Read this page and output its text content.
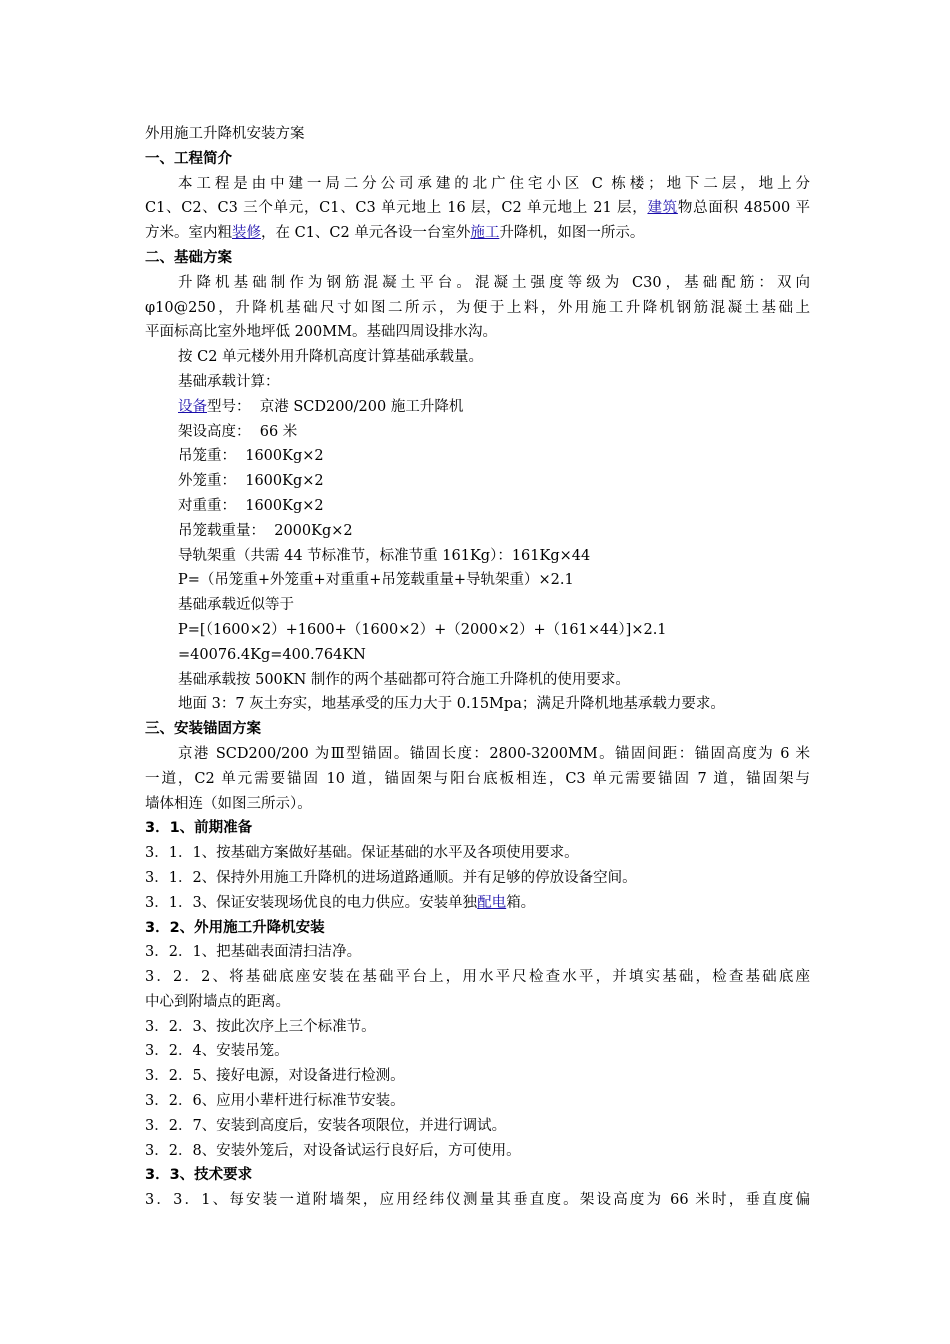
外用施工升降机安装方案
一、工程简介
本工程是由中建一局二分公司承建的北广住宅小区 C 栋楼；地下二层，地上分
C1、C2、C3 三个单元，C1、C3 单元地上 16 层，C2 单元地上 21 层，建筑物总面积 48500 平
方米。室内粗装修，在 C1、C2 单元各设一台室外施工升降机，如图一所示。
二、基础方案
升降机基础制作为钢筋混凝土平台。混凝土强度等级为 C30，基础配筋：双向
φ10@250，升降机基础尺寸如图二所示，为便于上料，外用施工升降机钢筋混凝土基础上
平面标高比室外地坪低 200MM。基础四周设排水沟。
按 C2 单元楼外用升降机高度计算基础承载量。
基础承载计算：
设备型号：  京港 SCD200/200 施工升降机
架设高度：  66 米
吊笼重：  1600Kg×2
外笼重：  1600Kg×2
对重重：  1600Kg×2
吊笼载重量：  2000Kg×2
导轨架重（共需 44 节标准节，标准节重 161Kg）：161Kg×44
P=（吊笼重+外笼重+对重重+吊笼载重量+导轨架重）×2.1
基础承载近似等于
P=[（1600×2）+1600+（1600×2）+（2000×2）+（161×44）]×2.1
=40076.4Kg=400.764KN
基础承载按 500KN 制作的两个基础都可符合施工升降机的使用要求。
地面 3：7 灰土夯实，地基承受的压力大于 0.15Mpa；满足升降机地基承载力要求。
三、安装锚固方案
京港 SCD200/200 为Ⅲ型锚固。锚固长度：2800-3200MM。锚固间距：锚固高度为 6 米
一道，C2 单元需要锚固 10 道，锚固架与阳台底板相连，C3 单元需要锚固 7 道，锚固架与
墙体相连（如图三所示）。
3．1、前期准备
3．1．1、按基础方案做好基础。保证基础的水平及各项使用要求。
3．1．2、保持外用施工升降机的进场道路通顺。并有足够的停放设备空间。
3．1．3、保证安装现场优良的电力供应。安装单独配电箱。
3．2、外用施工升降机安装
3．2．1、把基础表面清扫洁净。
3．2．2、将基础底座安装在基础平台上，用水平尺检查水平，并填实基础，检查基础底座
中心到附墙点的距离。
3．2．3、按此次序上三个标准节。
3．2．4、安装吊笼。
3．2．5、接好电源，对设备进行检测。
3．2．6、应用小辈杆进行标准节安装。
3．2．7、安装到高度后，安装各项限位，并进行调试。
3．2．8、安装外笼后，对设备试运行良好后，方可使用。
3．3、技术要求
3．3．1、每安装一道附墙架，应用经纬仪测量其垂直度。架设高度为 66 米时，垂直度偏
